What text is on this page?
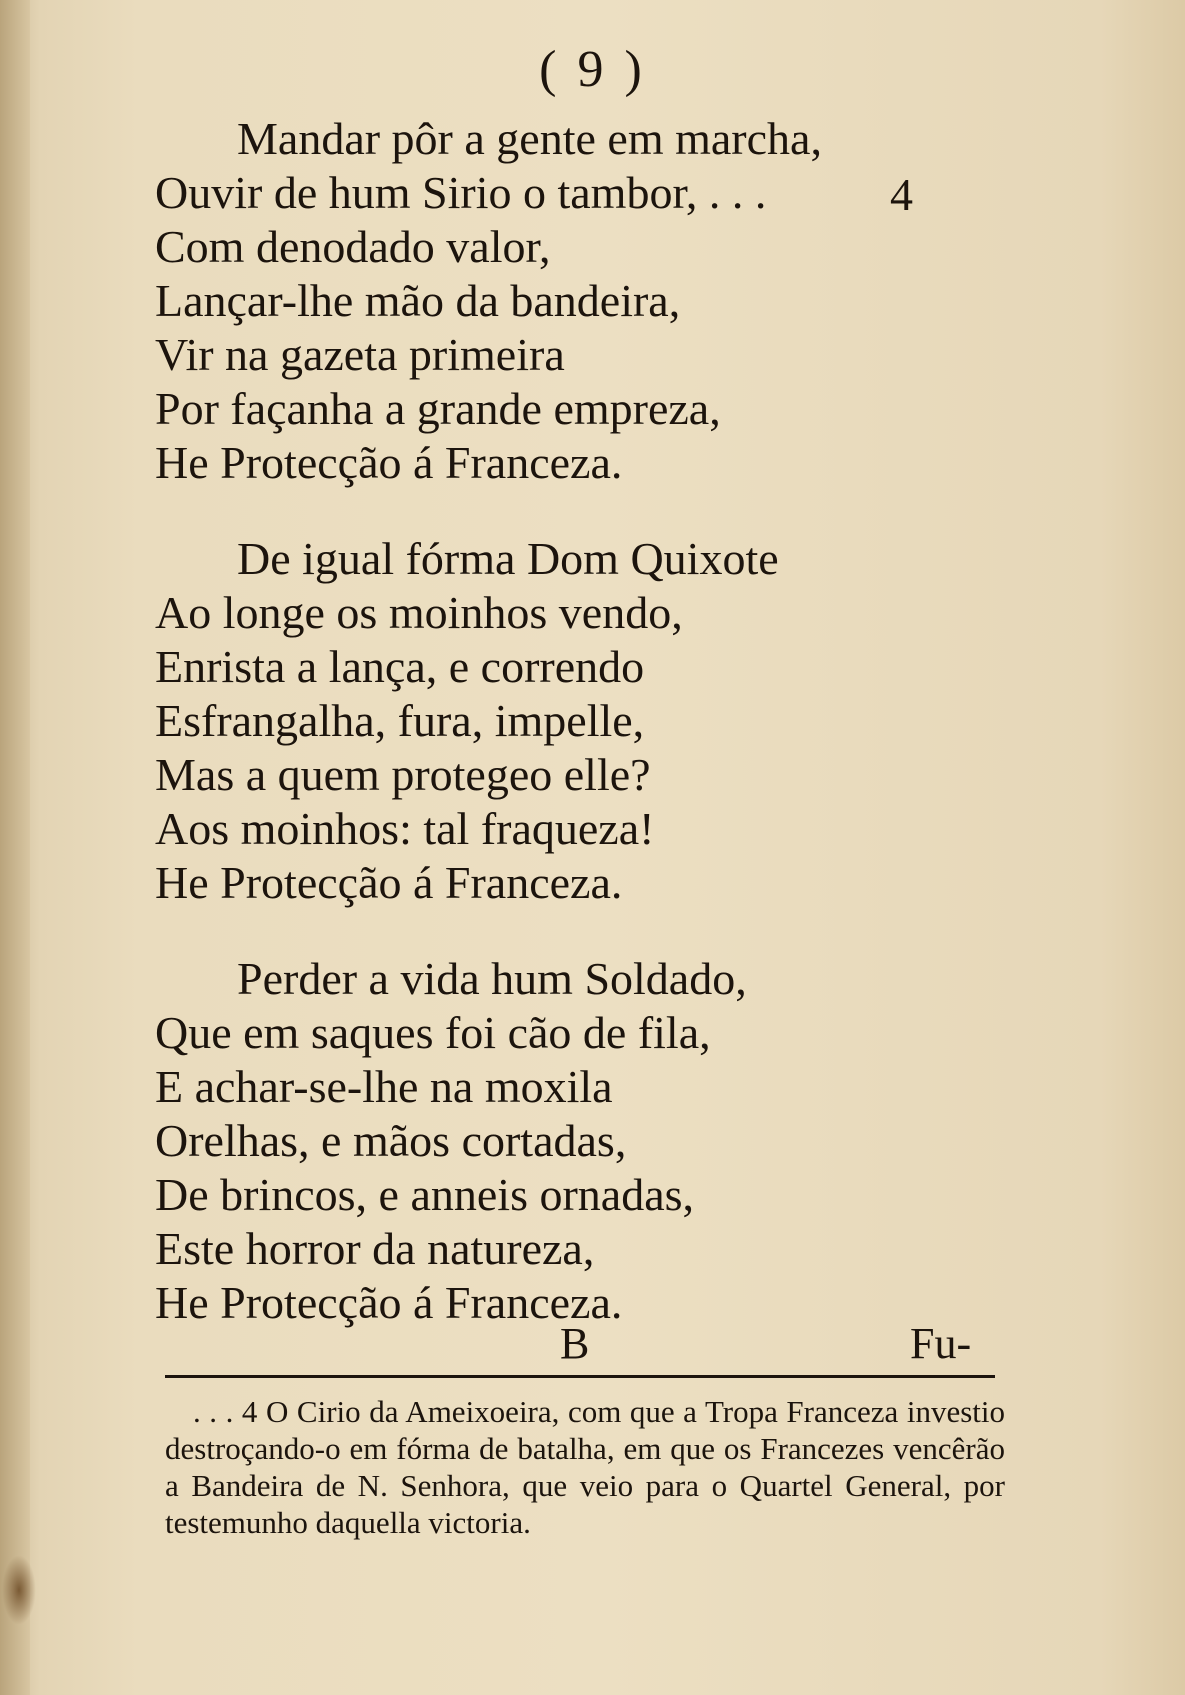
( 9 )
Mandar pôr a gente em marcha,
Ouvir de hum Sirio o tambor, . . .
Com denodado valor,
Lançar-lhe mão da bandeira,
Vir na gazeta primeira
Por façanha a grande empreza,
He Protecção á Franceza.
4
De igual fórma Dom Quixote
Ao longe os moinhos vendo,
Enrista a lança, e correndo
Esfrangalha, fura, impelle,
Mas a quem protegeo elle?
Aos moinhos: tal fraqueza!
He Protecção á Franceza.
Perder a vida hum Soldado,
Que em saques foi cão de fila,
E achar-se-lhe na moxila
Orelhas, e mãos cortadas,
De brincos, e anneis ornadas,
Este horror da natureza,
He Protecção á Franceza.
B	Fu-
. . . 4 O Cirio da Ameixoeira, com que a Tropa Franceza investio destroçando-o em fórma de batalha, em que os Francezes vencêrão a Bandeira de N. Senhora, que veio para o Quartel General, por testemunho daquella victoria.
